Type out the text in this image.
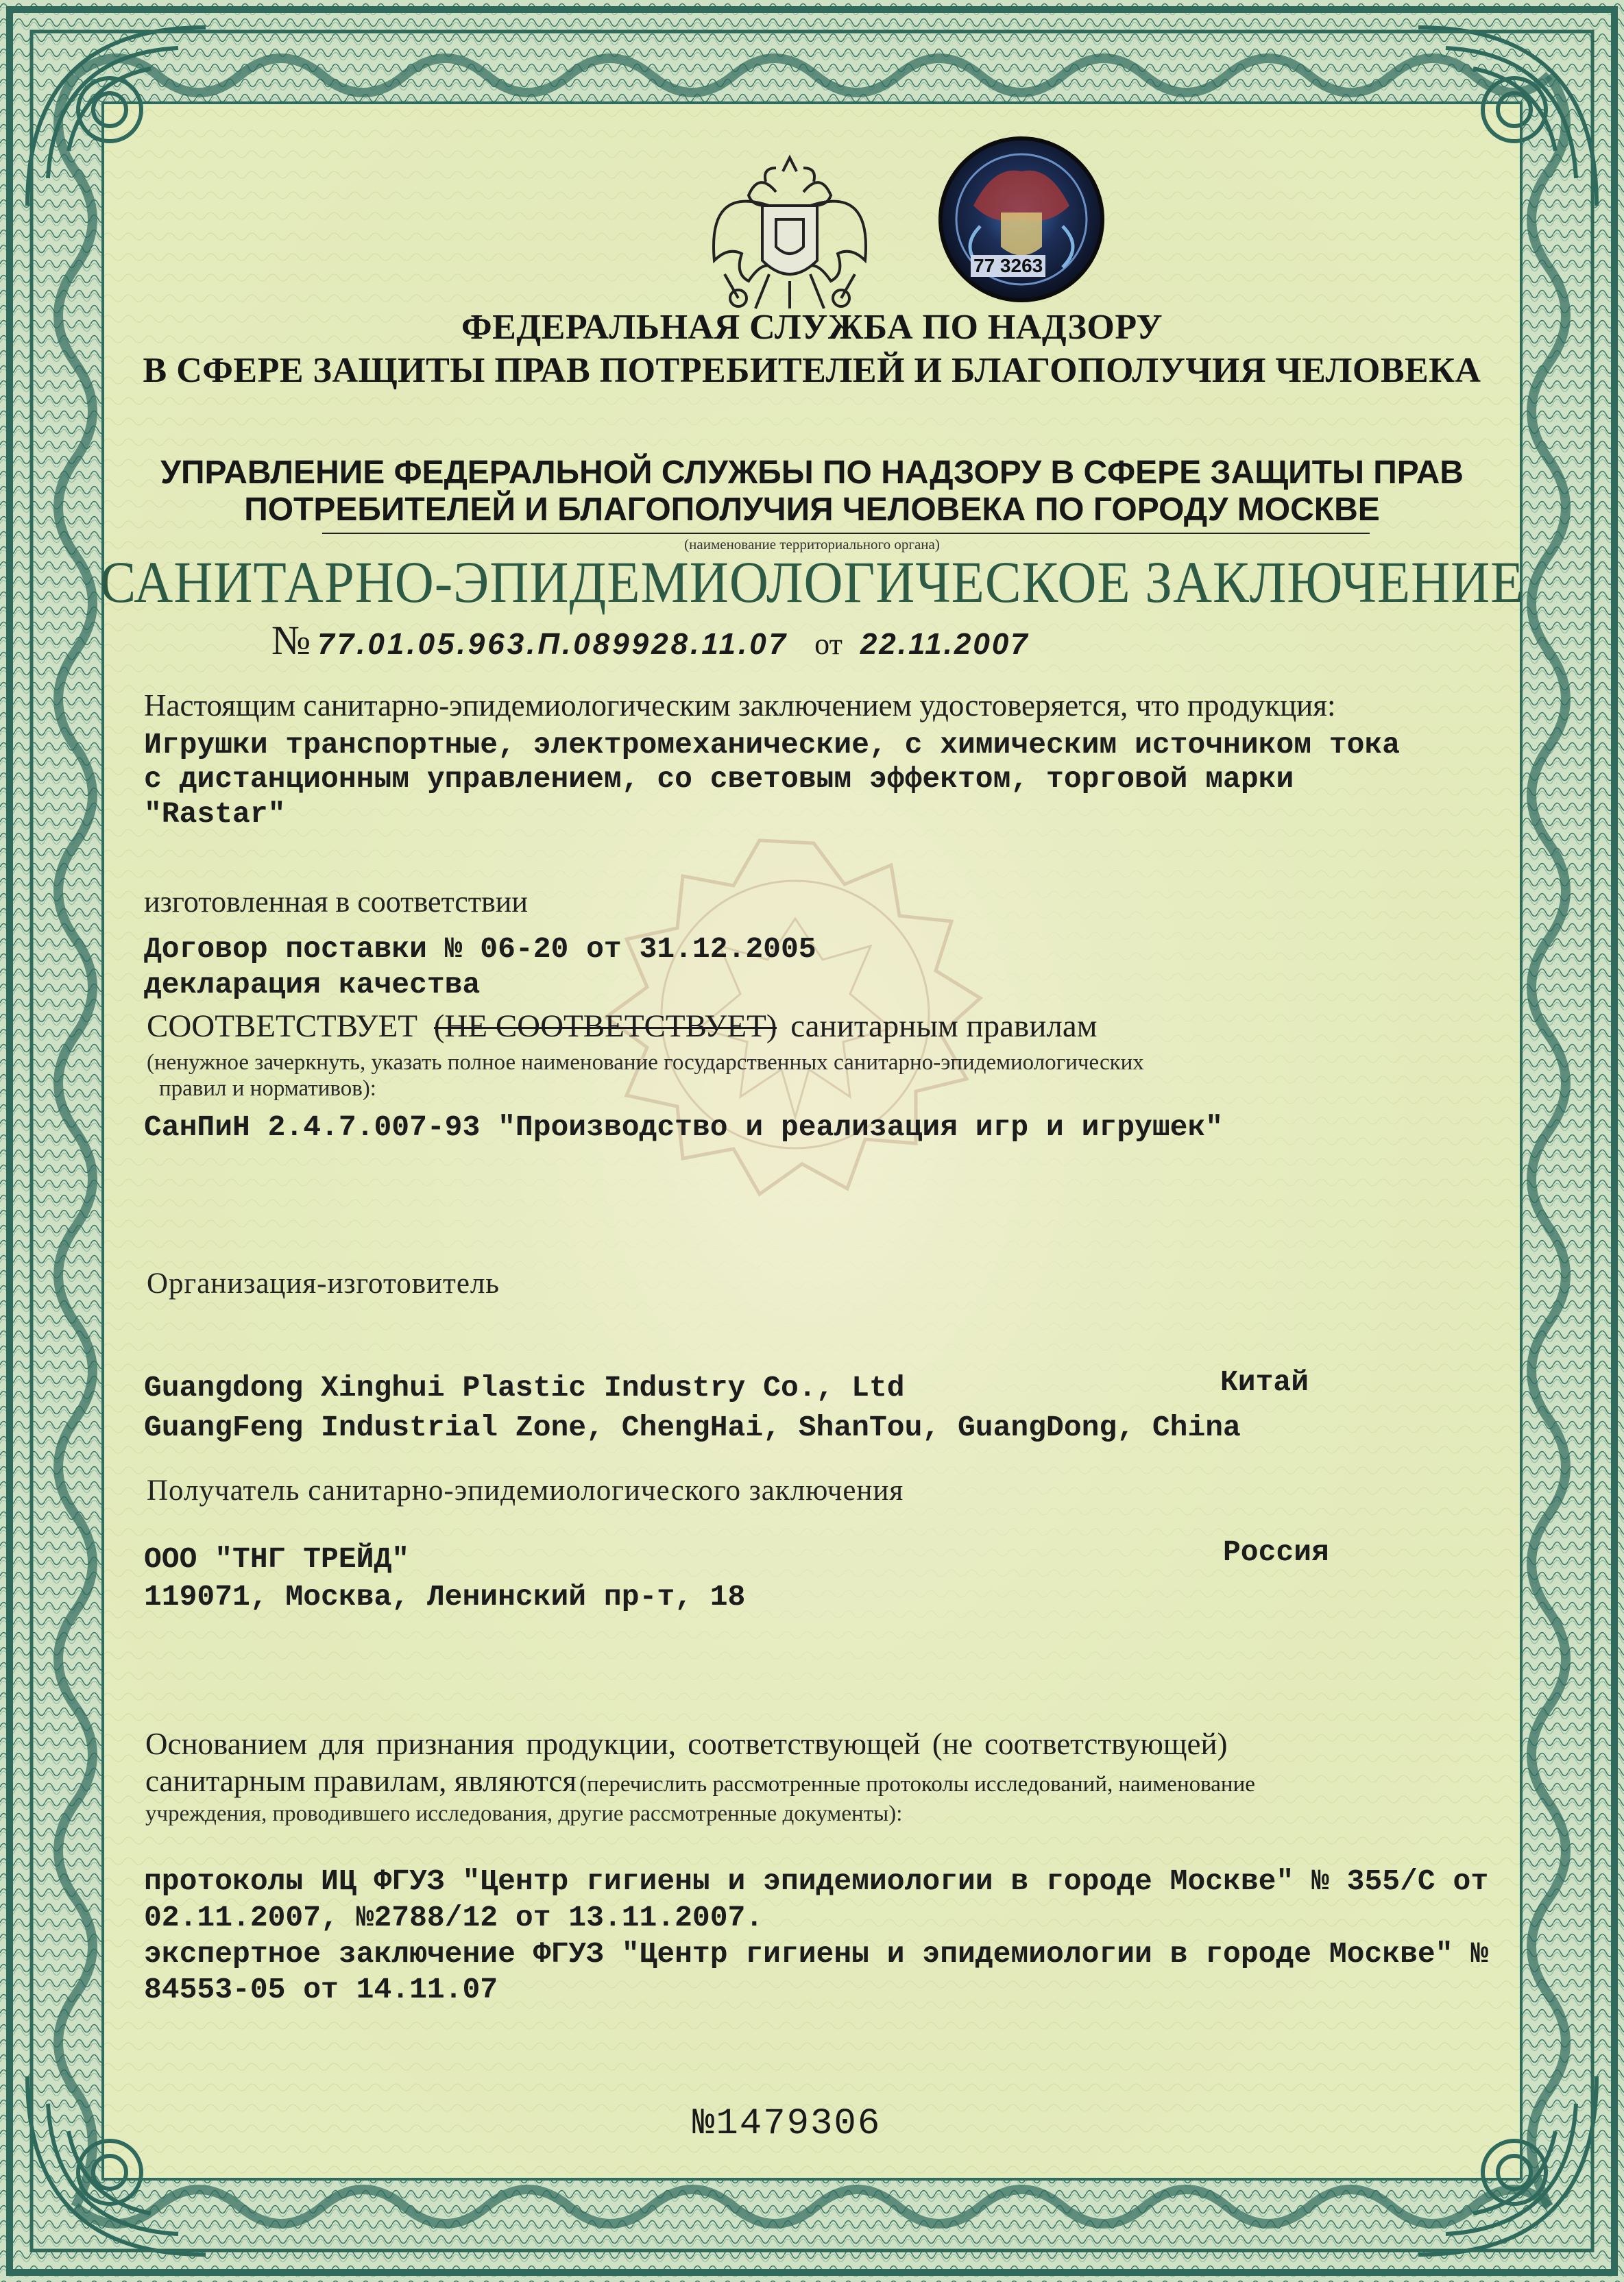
77 3263
ФЕДЕРАЛЬНАЯ СЛУЖБА ПО НАДЗОРУ
В СФЕРЕ ЗАЩИТЫ ПРАВ ПОТРЕБИТЕЛЕЙ И БЛАГОПОЛУЧИЯ ЧЕЛОВЕКА
УПРАВЛЕНИЕ ФЕДЕРАЛЬНОЙ СЛУЖБЫ ПО НАДЗОРУ В СФЕРЕ ЗАЩИТЫ ПРАВ
ПОТРЕБИТЕЛЕЙ И БЛАГОПОЛУЧИЯ ЧЕЛОВЕКА ПО ГОРОДУ МОСКВЕ
(наименование территориального органа)
САНИТАРНО-ЭПИДЕМИОЛОГИЧЕСКОЕ ЗАКЛЮЧЕНИЕ
№ 77.01.05.963.П.089928.11.07 от 22.11.2007
Настоящим санитарно-эпидемиологическим заключением удостоверяется, что продукция:
Игрушки транспортные, электромеханические, с химическим источником тока
с дистанционным управлением, со световым эффектом, торговой марки
"Rastar"
изготовленная в соответствии
Договор поставки № 06-20 от 31.12.2005
декларация качества
СООТВЕТСТВУЕТ (НЕ СООТВЕТСТВУЕТ) санитарным правилам
(ненужное зачеркнуть, указать полное наименование государственных санитарно-эпидемиологических
правил и нормативов):
СанПиН 2.4.7.007-93 "Производство и реализация игр и игрушек"
Организация-изготовитель
Guangdong Xinghui Plastic Industry Co., Ltd	Китай
GuangFeng Industrial Zone, ChengHai, ShanTou, GuangDong, China
Получатель санитарно-эпидемиологического заключения
ООО "ТНГ ТРЕЙД"	Россия
119071, Москва, Ленинский пр-т, 18
Основанием для признания продукции, соответствующей (не соответствующей)
санитарным правилам, являются (перечислить рассмотренные протоколы исследований, наименование
учреждения, проводившего исследования, другие рассмотренные документы):
протоколы ИЦ ФГУЗ "Центр гигиены и эпидемиологии в городе Москве" № 355/С от
02.11.2007, №2788/12 от 13.11.2007.
экспертное заключение ФГУЗ "Центр гигиены и эпидемиологии в городе Москве" №
84553-05 от 14.11.07
№1479306
